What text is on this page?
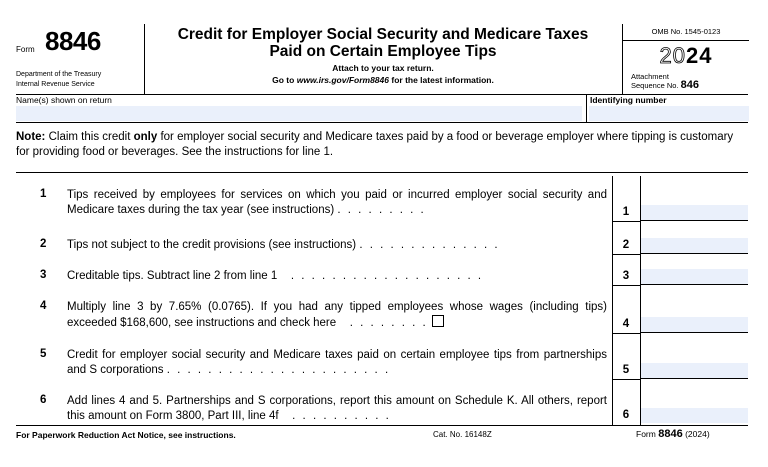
Form 8846
Department of the Treasury
Internal Revenue Service
Credit for Employer Social Security and Medicare Taxes
Paid on Certain Employee Tips
Attach to your tax return.
Go to www.irs.gov/Form8846 for the latest information.
OMB No. 1545-0123
2024
Attachment
Sequence No. 846
Name(s) shown on return	Identifying number
Note: Claim this credit only for employer social security and Medicare taxes paid by a food or beverage employer where tipping is customary for providing food or beverages. See the instructions for line 1.
1 Tips received by employees for services on which you paid or incurred employer social security and Medicare taxes during the tax year (see instructions) . . . . . . . . .	1
2 Tips not subject to the credit provisions (see instructions) . . . . . . . . . . . . . .	2
3 Creditable tips. Subtract line 2 from line 1   . . . . . . . . . . . . . . . . . . .	3
4 Multiply line 3 by 7.65% (0.0765). If you had any tipped employees whose wages (including tips) exceeded $168,600, see instructions and check here   . . . . . . . .	4
5 Credit for employer social security and Medicare taxes paid on certain employee tips from partnerships and S corporations . . . . . . . . . . . . . . . . . . . . . .	5
6 Add lines 4 and 5. Partnerships and S corporations, report this amount on Schedule K. All others, report this amount on Form 3800, Part III, line 4f   . . . . . . . . . .	6
For Paperwork Reduction Act Notice, see instructions.	Cat. No. 16148Z	Form 8846 (2024)
